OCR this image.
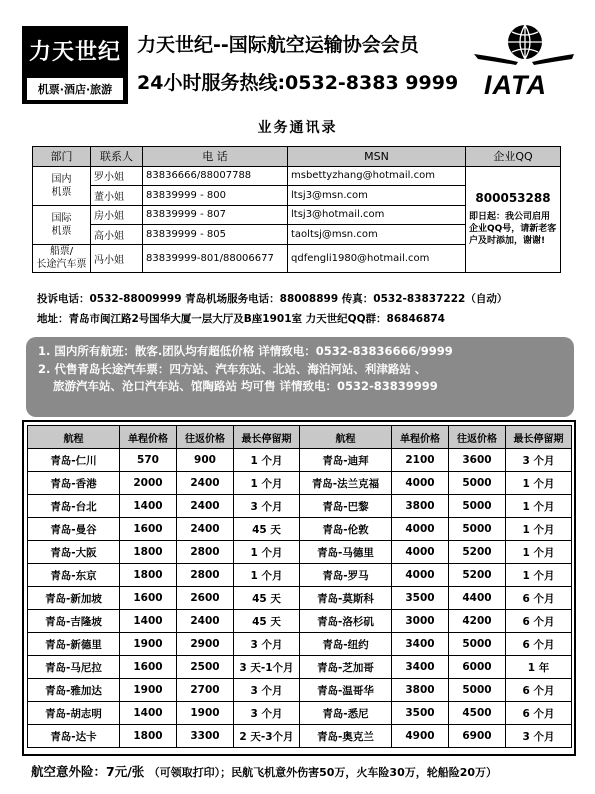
力天世纪
机票·酒店·旅游
力天世纪--国际航空运输协会会员
24小时服务热线:0532-8383 9999 IATA
业务通讯录
部门	联系人	电 话	MSN	企业QQ
国内
机票	罗小姐	83836666/88007788	msbettyzhang@hotmail.com	800053288
即日起：我公司启用企业QQ号，请新老客户及时添加，谢谢!

	董小姐	83839999 - 800	ltsj3@msn.com	
国际
机票	房小姐	83839999 - 807	ltsj3@hotmail.com	
	高小姐	83839999 - 805	taoltsj@msn.com	
船票/
长途汽车票	冯小姐	83839999-801/88006677	qdfengli1980@hotmail.com	
投诉电话：0532-88009999 青岛机场服务电话：88008899 传真：0532-83837222（自动）
地址：青岛市闽江路2号国华大厦一层大厅及B座1901室 力天世纪QQ群：86846874
1. 国内所有航班：散客.团队均有超低价格 详情致电：0532-83836666/9999
2. 代售青岛长途汽车票：四方站、汽车东站、北站、海泊河站、利津路站 、
旅游汽车站、沧口汽车站、馆陶路站 均可售 详情致电：0532-83839999
航程	单程价格	往返价格	最长停留期	航程	单程价格	往返价格	最长停留期
青岛-仁川	570	900	1 个月	青岛-迪拜	2100	3600	3 个月
青岛-香港	2000	2400	1 个月	青岛-法兰克福	4000	5000	1 个月
青岛-台北	1400	2400	3 个月	青岛-巴黎	3800	5000	1 个月
青岛-曼谷	1600	2400	45 天	青岛-伦敦	4000	5000	1 个月
青岛-大阪	1800	2800	1 个月	青岛-马德里	4000	5200	1 个月
青岛-东京	1800	2800	1 个月	青岛-罗马	4000	5200	1 个月
青岛-新加坡	1600	2600	45 天	青岛-莫斯科	3500	4400	6 个月
青岛-吉隆坡	1400	2400	45 天	青岛-洛杉矶	3000	4200	6 个月
青岛-新德里	1900	2900	3 个月	青岛-纽约	3400	5000	6 个月
青岛-马尼拉	1600	2500	3 天-1个月	青岛-芝加哥	3400	6000	1 年
青岛-雅加达	1900	2700	3 个月	青岛-温哥华	3800	5000	6 个月
青岛-胡志明	1400	1900	3 个月	青岛-悉尼	3500	4500	6 个月
青岛-达卡	1800	3300	2 天-3个月	青岛-奥克兰	4900	6900	3 个月
航空意外险：7元/张 （可领取打印）；民航飞机意外伤害50万，火车险30万，轮船险20万）
